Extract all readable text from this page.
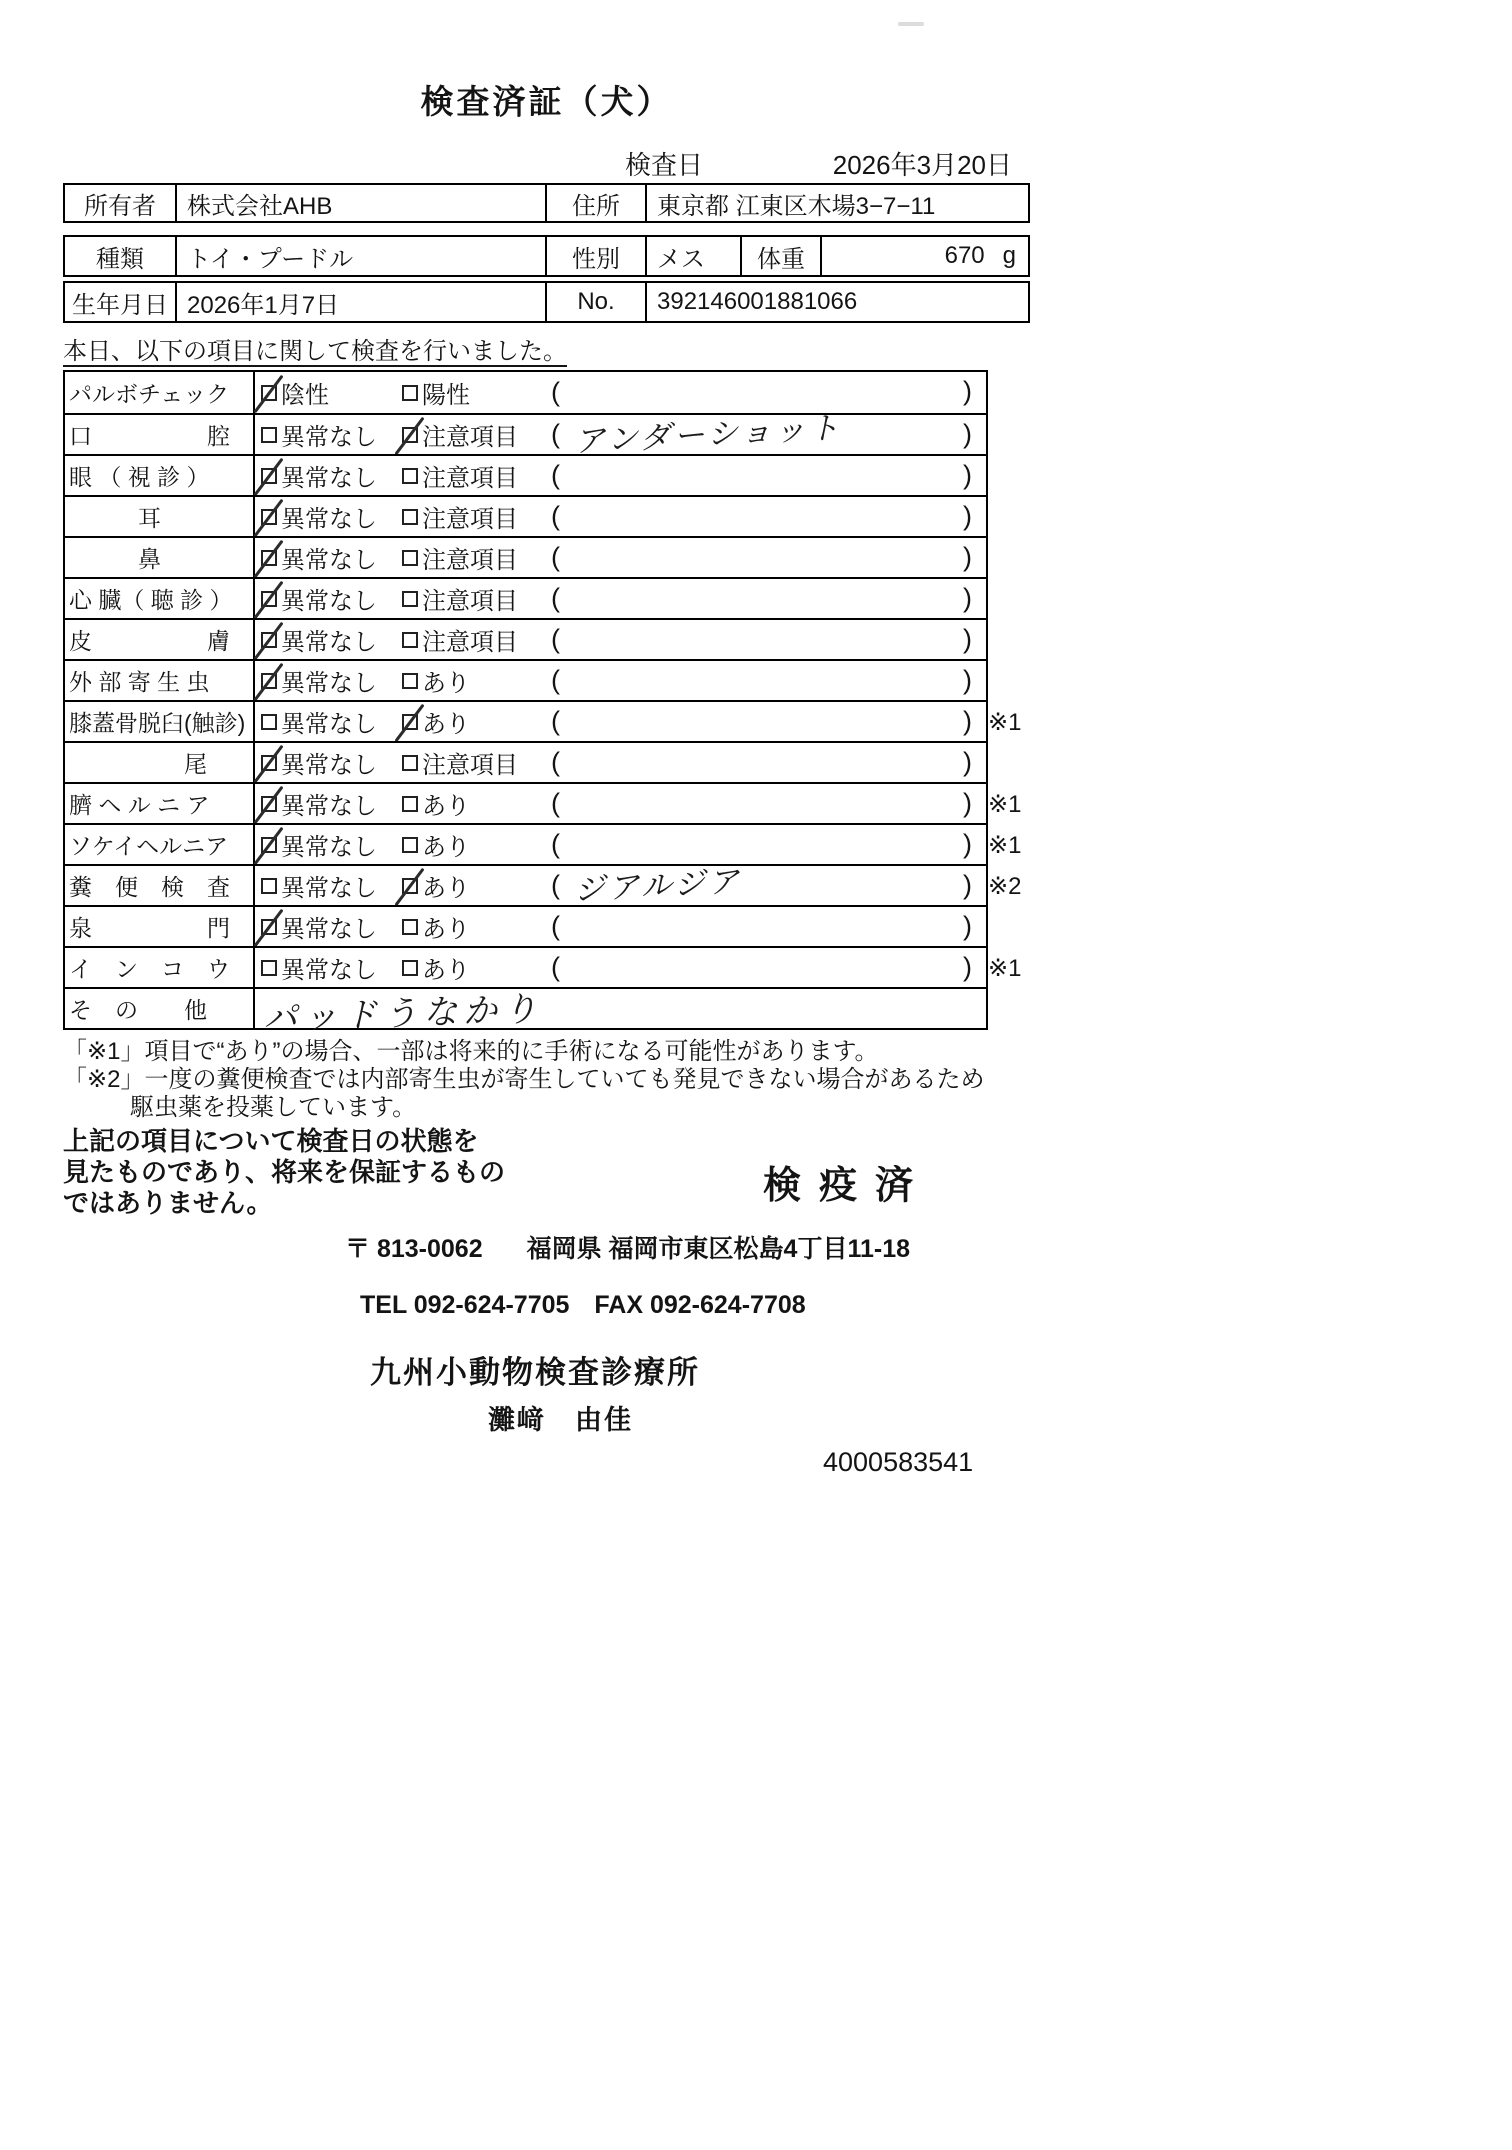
検査済証（犬）
検査日	2026年3月20日
所有者	株式会社AHB	住所	東京都 江東区木場3−7−11
種類	トイ・プードル	性別	メス	体重	670 g
生年月日 2026年1月7日	No.	392146001881066
本日、以下の項目に関して検査を行いました。
パルボチェック	陰性	陽性	(	)
口　　　　　腔	異常なし 注意項目 ( アンダーショット	)
眼 （ 視 診 ）	異常なし 注意項目 (	)
　　　耳	異常なし 注意項目 (	)
　　　鼻	異常なし 注意項目 (	)
心 臓（ 聴 診 ）	異常なし 注意項目 (	)
皮　　　　　膚	異常なし 注意項目 (	)
外 部 寄 生 虫	異常なし あり	(	)
膝蓋骨脱臼(触診)	異常なし あり	(	) ※1
　　　　　尾	異常なし 注意項目 (	)
臍 ヘ ル ニ ア	異常なし あり	(	) ※1
ソケイヘルニア	異常なし あり	(	) ※1
糞　便　検　査	異常なし あり	( ジアルジア	) ※2
泉　　　　　門	異常なし あり	(	)
イ　ン　コ　ウ	異常なし あり	(	) ※1
そ　の　　他	パッドうなかり
「※1」項目で“あり”の場合、一部は将来的に手術になる可能性があります。
「※2」一度の糞便検査では内部寄生虫が寄生していても発見できない場合があるため
駆虫薬を投薬しています。
上記の項目について検査日の状態を
見たものであり、将来を保証するもの
ではありません。	検疫済
〒 813-0062 福岡県 福岡市東区松島4丁目11-18
TEL 092-624-7705　FAX 092-624-7708
九州小動物検査診療所
灘﨑　由佳
4000583541
